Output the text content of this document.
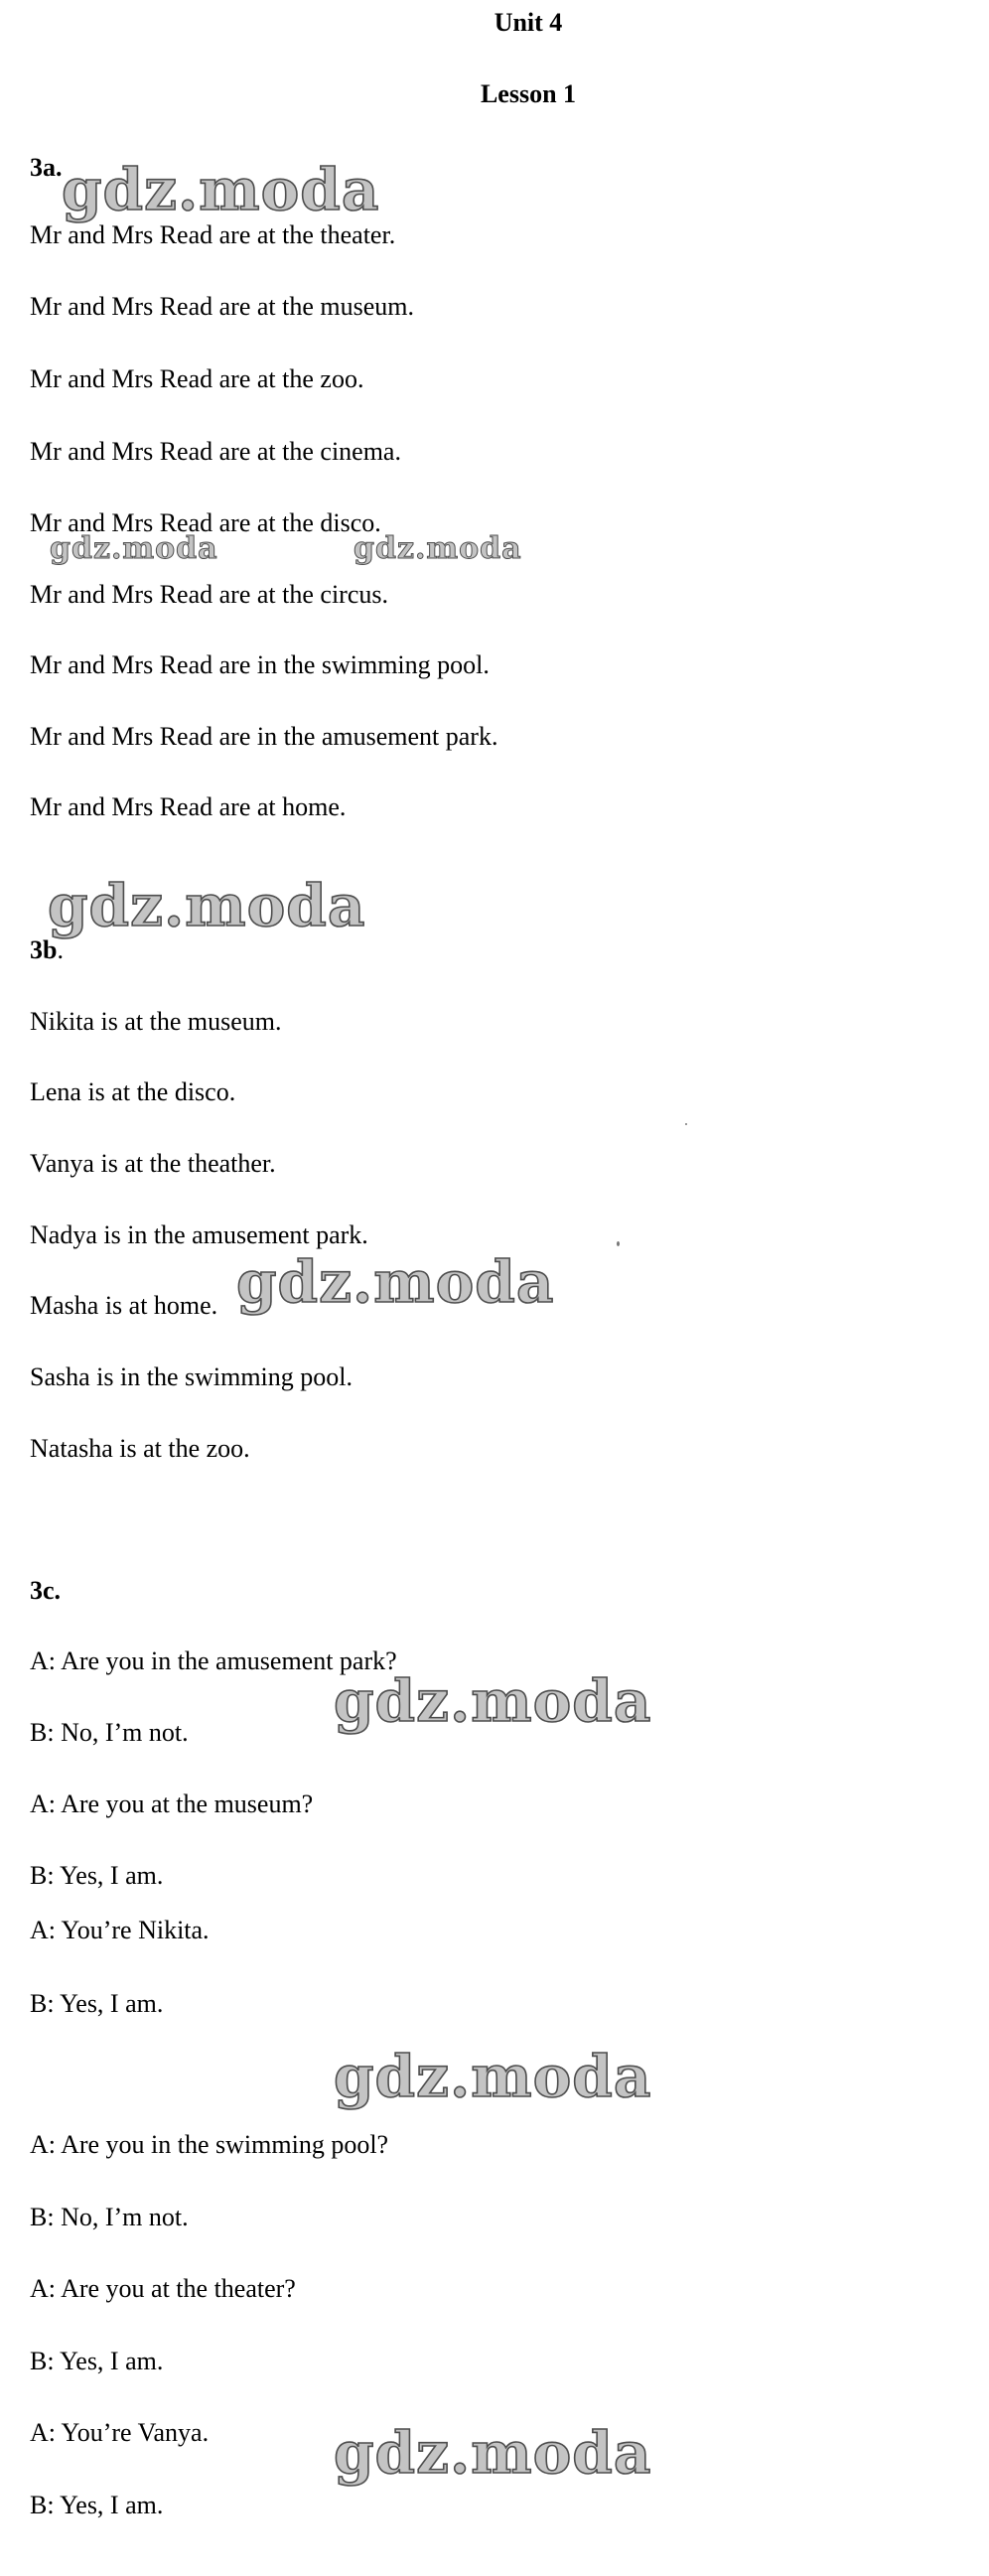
Unit 4
Lesson 1
3a.
Mr and Mrs Read are at the theater.
Mr and Mrs Read are at the museum.
Mr and Mrs Read are at the zoo.
Mr and Mrs Read are at the cinema.
Mr and Mrs Read are at the disco.
Mr and Mrs Read are at the circus.
Mr and Mrs Read are in the swimming pool.
Mr and Mrs Read are in the amusement park.
Mr and Mrs Read are at home.
3b.
Nikita is at the museum.
Lena is at the disco.
Vanya is at the theather.
Nadya is in the amusement park.
Masha is at home.
Sasha is in the swimming pool.
Natasha is at the zoo.
3c.
A: Are you in the amusement park?
B: No, I’m not.
A: Are you at the museum?
B: Yes, I am.
A: You’re Nikita.
B: Yes, I am.
A: Are you in the swimming pool?
B: No, I’m not.
A: Are you at the theater?
B: Yes, I am.
A: You’re Vanya.
B: Yes, I am.
gdz.moda
gdz.moda	gdz.moda
gdz.moda
gdz.moda
gdz.moda
gdz.moda
gdz.moda
